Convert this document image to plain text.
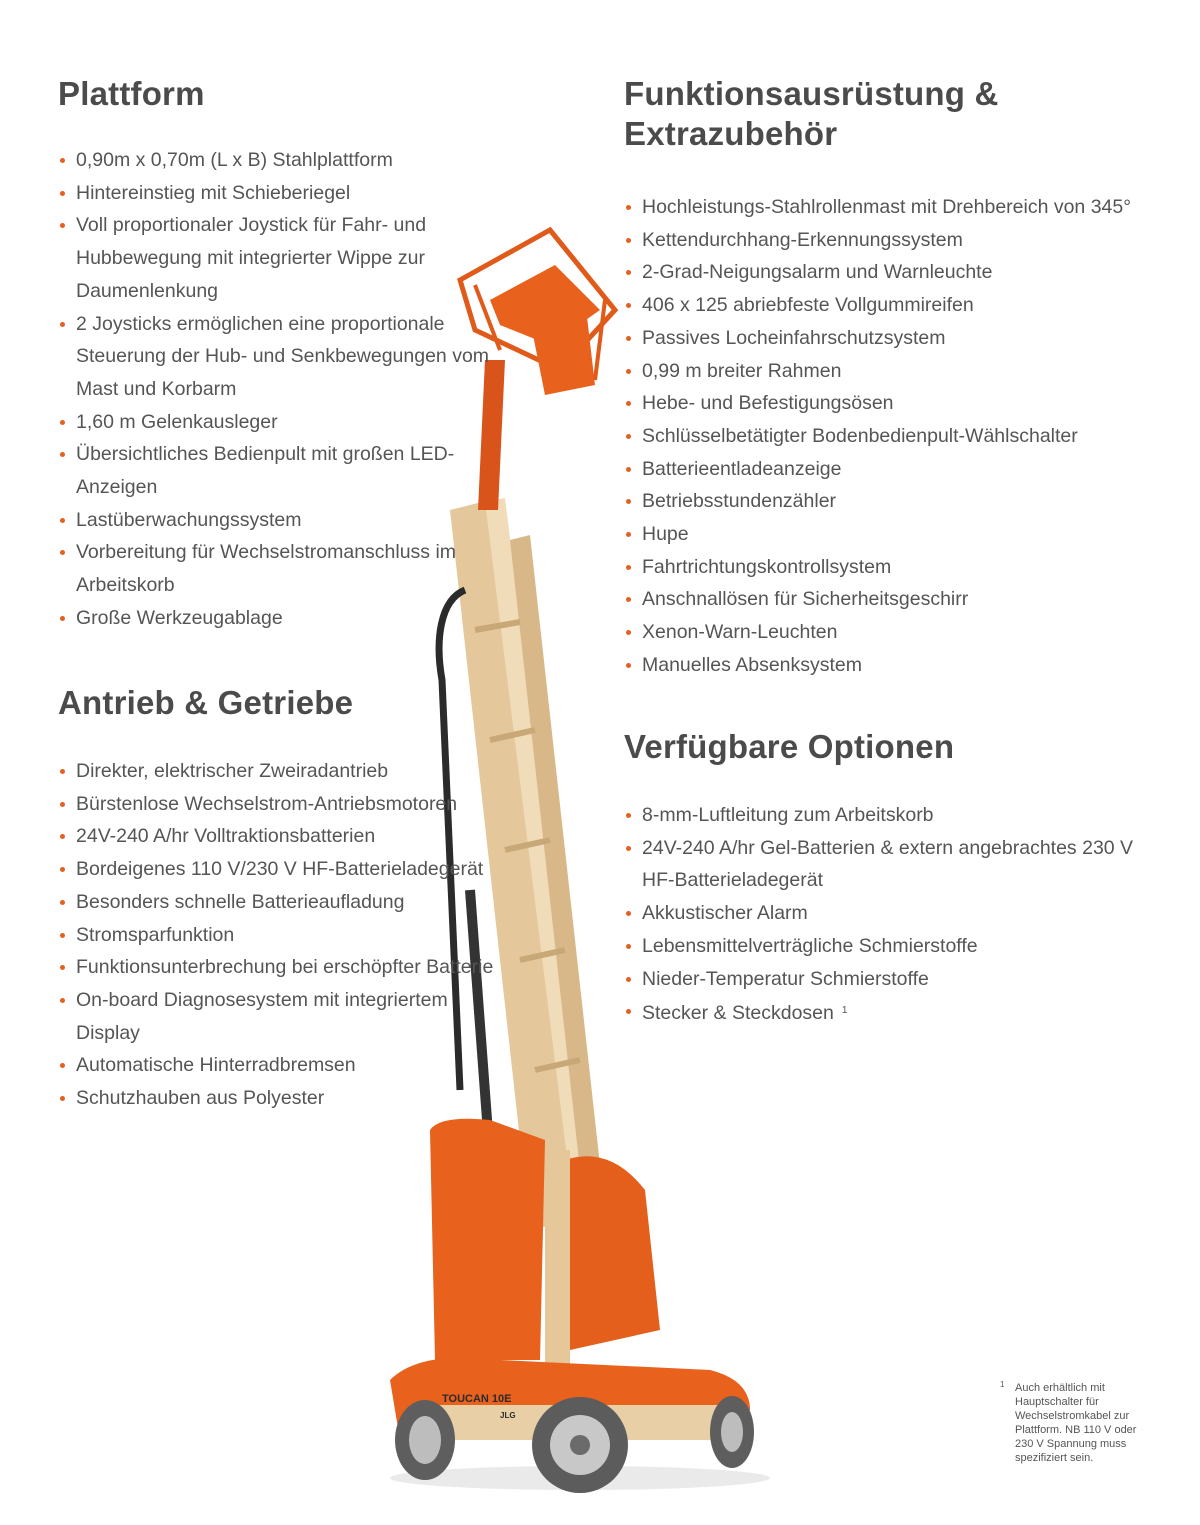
TOUCAN 10E
JLG
Plattform
0,90m x 0,70m (L x B) Stahlplattform
Hintereinstieg mit Schieberiegel
Voll proportionaler Joystick für Fahr- und Hubbewegung mit integrierter Wippe zur Daumenlenkung
2 Joysticks ermöglichen eine proportionale Steuerung der Hub- und Senkbewegungen vom Mast und Korbarm
1,60 m Gelenkausleger
Übersichtliches Bedienpult mit großen LED-Anzeigen
Lastüberwachungssystem
Vorbereitung für Wechselstromanschluss im Arbeitskorb
Große Werkzeugablage
Antrieb & Getriebe
Direkter, elektrischer Zweiradantrieb
Bürstenlose Wechselstrom-Antriebsmotoren
24V-240 A/hr Volltraktionsbatterien
Bordeigenes 110 V/230 V HF-Batterieladegerät
Besonders schnelle Batterieaufladung
Stromsparfunktion
Funktionsunterbrechung bei erschöpfter Batterie
On-board Diagnosesystem mit integriertem Display
Automatische Hinterradbremsen
Schutzhauben aus Polyester
Funktionsausrüstung & Extrazubehör
Hochleistungs-Stahlrollenmast mit Drehbereich von 345°
Kettendurchhang-Erkennungssystem
2-Grad-Neigungsalarm und Warnleuchte
406 x 125 abriebfeste Vollgummireifen
Passives Locheinfahrschutzsystem
0,99 m breiter Rahmen
Hebe- und Befestigungsösen
Schlüsselbetätigter Bodenbedienpult-Wählschalter
Batterieentladeanzeige
Betriebsstundenzähler
Hupe
Fahrtrichtungskontrollsystem
Anschnallösen für Sicherheitsgeschirr
Xenon-Warn-Leuchten
Manuelles Absenksystem
Verfügbare Optionen
8-mm-Luftleitung zum Arbeitskorb
24V-240 A/hr Gel-Batterien & extern angebrachtes 230 V HF-Batterieladegerät
Akkustischer Alarm
Lebensmittelverträgliche Schmierstoffe
Nieder-Temperatur Schmierstoffe
Stecker & Steckdosen $^1$
1 Auch erhältlich mit Hauptschalter für Wechselstromkabel zur Plattform. NB 110 V oder 230 V Spannung muss spezifiziert sein.
